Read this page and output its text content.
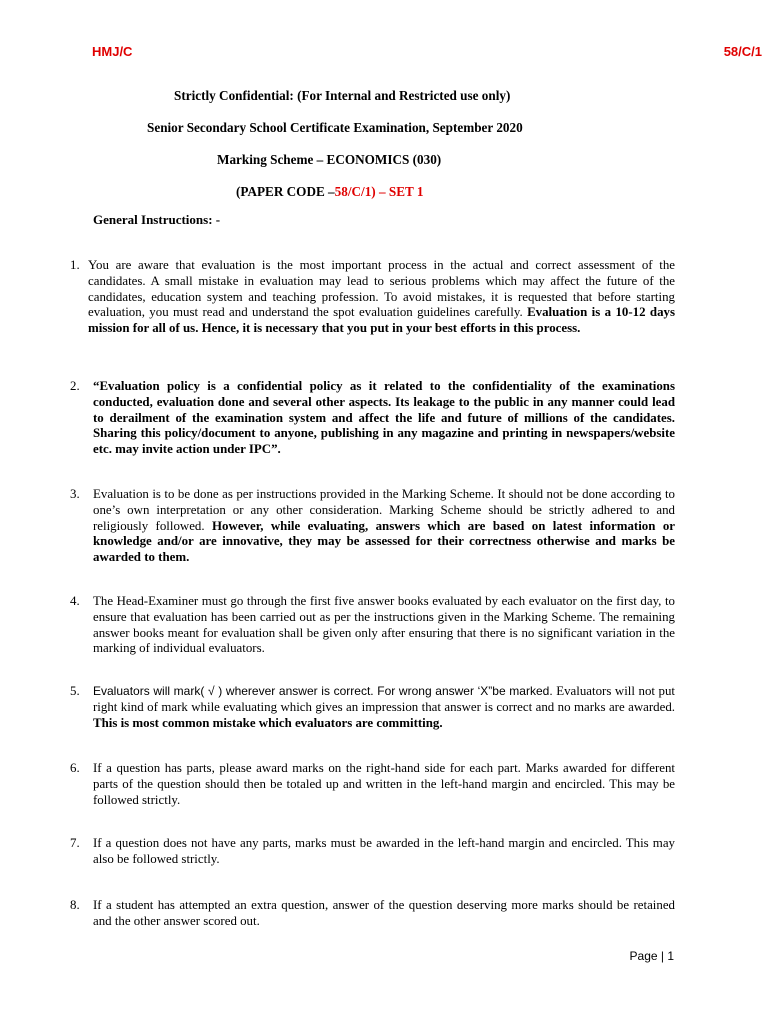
HMJ/C	58/C/1
Strictly Confidential: (For Internal and Restricted use only)
Senior Secondary School Certificate Examination, September 2020
Marking Scheme – ECONOMICS (030)
(PAPER CODE –58/C/1) – SET 1
General Instructions: -
1. You are aware that evaluation is the most important process in the actual and correct assessment of the candidates. A small mistake in evaluation may lead to serious problems which may affect the future of the candidates, education system and teaching profession. To avoid mistakes, it is requested that before starting evaluation, you must read and understand the spot evaluation guidelines carefully. Evaluation is a 10-12 days mission for all of us. Hence, it is necessary that you put in your best efforts in this process.
2. “Evaluation policy is a confidential policy as it related to the confidentiality of the examinations conducted, evaluation done and several other aspects. Its leakage to the public in any manner could lead to derailment of the examination system and affect the life and future of millions of the candidates. Sharing this policy/document to anyone, publishing in any magazine and printing in newspapers/website etc. may invite action under IPC”.
3. Evaluation is to be done as per instructions provided in the Marking Scheme. It should not be done according to one’s own interpretation or any other consideration. Marking Scheme should be strictly adhered to and religiously followed. However, while evaluating, answers which are based on latest information or knowledge and/or are innovative, they may be assessed for their correctness otherwise and marks be awarded to them.
4. The Head-Examiner must go through the first five answer books evaluated by each evaluator on the first day, to ensure that evaluation has been carried out as per the instructions given in the Marking Scheme. The remaining answer books meant for evaluation shall be given only after ensuring that there is no significant variation in the marking of individual evaluators.
5. Evaluators will mark( √ ) wherever answer is correct. For wrong answer ‘X”be marked. Evaluators will not put right kind of mark while evaluating which gives an impression that answer is correct and no marks are awarded. This is most common mistake which evaluators are committing.
6. If a question has parts, please award marks on the right-hand side for each part. Marks awarded for different parts of the question should then be totaled up and written in the left-hand margin and encircled. This may be followed strictly.
7. If a question does not have any parts, marks must be awarded in the left-hand margin and encircled. This may also be followed strictly.
8. If a student has attempted an extra question, answer of the question deserving more marks should be retained and the other answer scored out.
Page | 1
